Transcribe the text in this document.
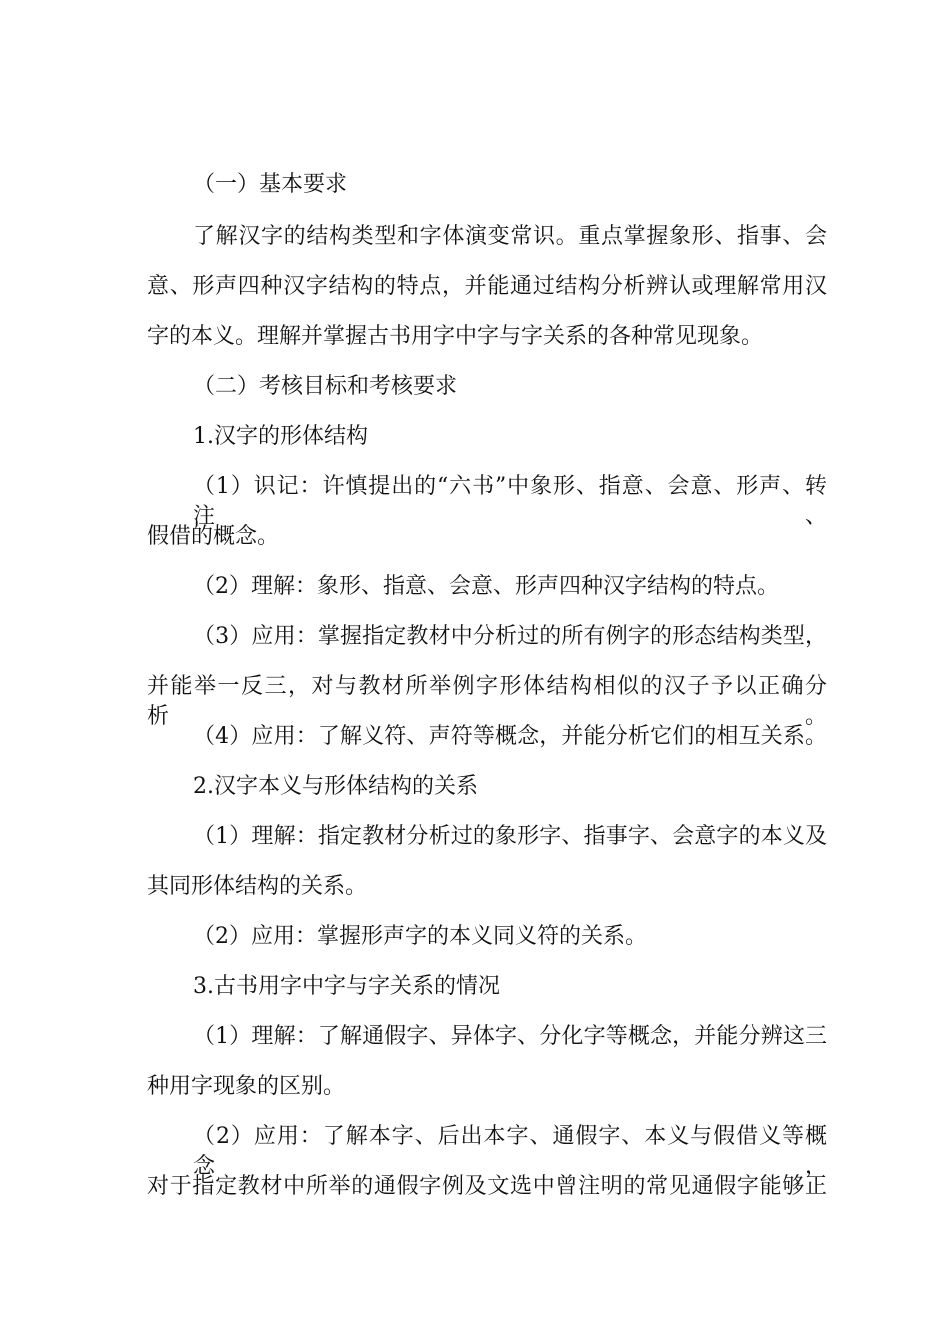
（一）基本要求
了解汉字的结构类型和字体演变常识。重点掌握象形、指事、会
意、形声四种汉字结构的特点，并能通过结构分析辨认或理解常用汉
字的本义。理解并掌握古书用字中字与字关系的各种常见现象。
（二）考核目标和考核要求
1.汉字的形体结构
（1）识记：许慎提出的“六书”中象形、指意、会意、形声、转注、
假借的概念。
（2）理解：象形、指意、会意、形声四种汉字结构的特点。
（3）应用：掌握指定教材中分析过的所有例字的形态结构类型，
并能举一反三，对与教材所举例字形体结构相似的汉子予以正确分析。
（4）应用：了解义符、声符等概念，并能分析它们的相互关系。
2.汉字本义与形体结构的关系
（1）理解：指定教材分析过的象形字、指事字、会意字的本义及
其同形体结构的关系。
（2）应用：掌握形声字的本义同义符的关系。
3.古书用字中字与字关系的情况
（1）理解：了解通假字、异体字、分化字等概念，并能分辨这三
种用字现象的区别。
（2）应用：了解本字、后出本字、通假字、本义与假借义等概念，
对于指定教材中所举的通假字例及文选中曾注明的常见通假字能够正
